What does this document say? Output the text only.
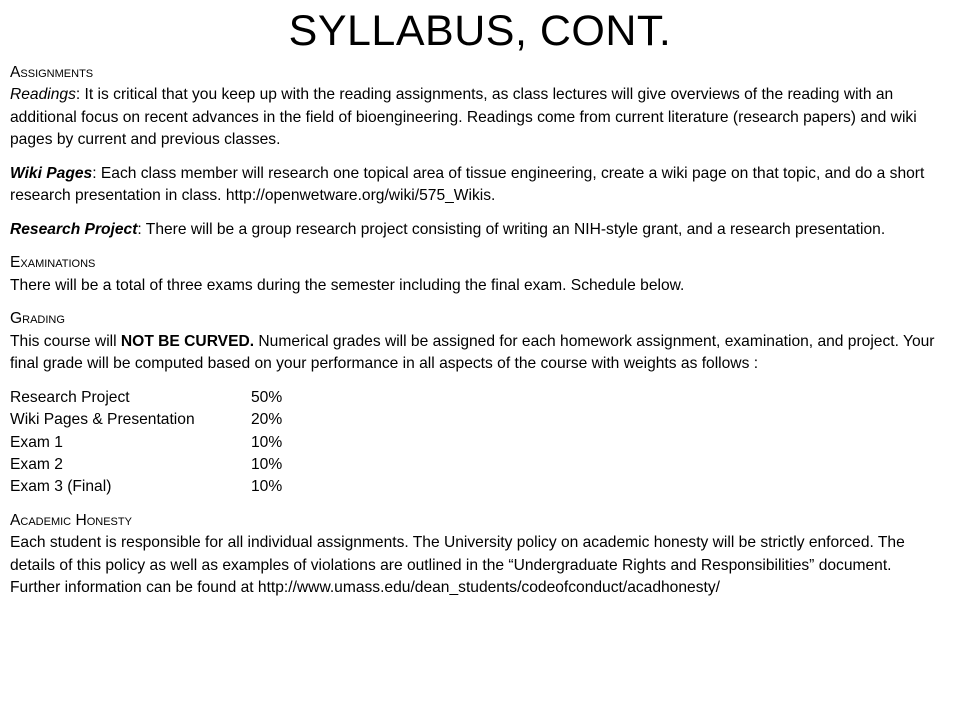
SYLLABUS, CONT.
Assignments

Readings: It is critical that you keep up with the reading assignments, as class lectures will give overviews of the reading with an additional focus on recent advances in the field of bioengineering. Readings come from current literature (research papers) and wiki pages by current and previous classes.

Wiki Pages: Each class member will research one topical area of tissue engineering, create a wiki page on that topic, and do a short research presentation in class. http://openwetware.org/wiki/575_Wikis.

Research Project: There will be a group research project consisting of writing an NIH-style grant, and a research presentation.

Examinations

There will be a total of three exams during the semester including the final exam. Schedule below.

Grading

This course will NOT BE CURVED. Numerical grades will be assigned for each homework assignment, examination, and project. Your final grade will be computed based on your performance in all aspects of the course with weights as follows :

Research Project	50%
Wiki Pages & Presentation	20%
Exam 1	10%
Exam 2	10%
Exam 3 (Final)	10%
Academic Honesty

Each student is responsible for all individual assignments. The University policy on academic honesty will be strictly enforced. The details of this policy as well as examples of violations are outlined in the “Undergraduate Rights and Responsibilities” document. Further information can be found at http://www.umass.edu/dean_students/codeofconduct/acadhonesty/
